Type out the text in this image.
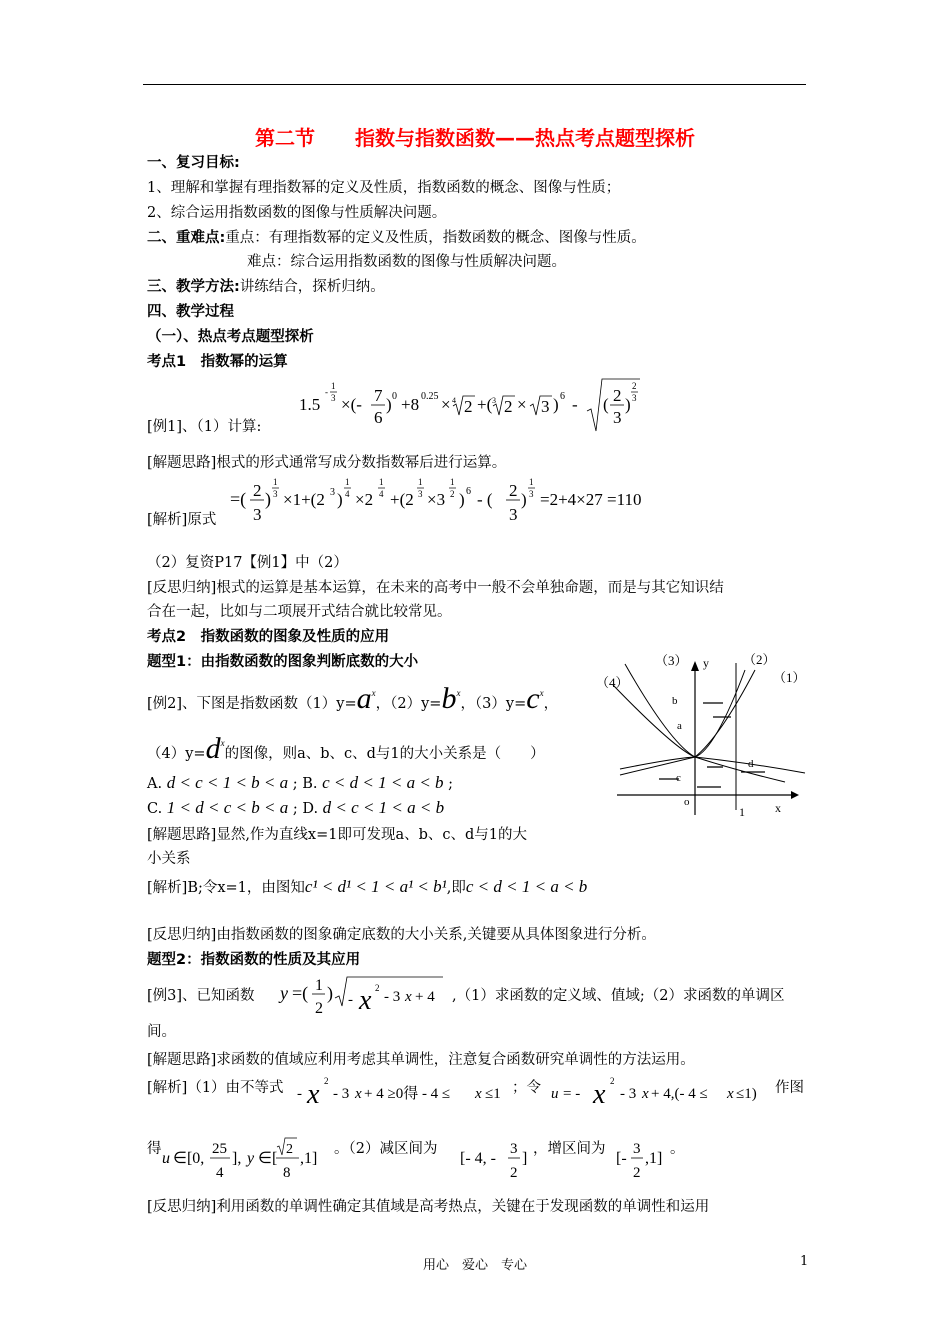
第二节 指数与指数函数——热点考点题型探析
一、复习目标:
1、理解和掌握有理指数幂的定义及性质，指数函数的概念、图像与性质；
2、综合运用指数函数的图像与性质解决问题。
二、重难点:重点：有理指数幂的定义及性质，指数函数的概念、图像与性质。
难点：综合运用指数函数的图像与性质解决问题。
三、教学方法:讲练结合，探析归纳。
四、教学过程
（一）、热点考点题型探析
考点1　指数幂的运算
1.5
-
1
3 ×(- 7
6
) 0 +8 0.25 × 4 2 +( 3 2 × 3 ) 6 - ( 2
3
)
2
3
[例1]、（1）计算:
[解题思路]根式的形式通常写成分数指数幂后进行运算。
=( 2
3
)
1
3 ×1+(2 3 )
1
4 ×2
1
4 +(2
1
3 ×3
1
2 ) 6 - ( 2
3
)
1
3 =2+4×27 =110
[解析]原式
（2）复资P17【例1】中（2）
[反思归纳]根式的运算是基本运算，在未来的高考中一般不会单独命题，而是与其它知识结
合在一起，比如与二项展开式结合就比较常见。
考点2　指数函数的图象及性质的应用
题型1：由指数函数的图象判断底数的大小
[例2]、下图是指数函数$(1)y=a^x$，$(2)y=b^x$，$(3)y=c^x$，
$(4)y=d^x$的图像，则a、b、c、d与1的大小关系是（　　）
A. d < c < 1 < b < a ; B. c < d < 1 < a < b ;
C. 1 < d < c < b < a ; D. d < c < 1 < a < b
[解题思路]显然,作为直线x=1即可发现a、b、c、d与1的大
小关系
[解析]B;令x=1，由图知c¹ < d¹ < 1 < a¹ < b¹,即c < d < 1 < a < b
[反思归纳]由指数函数的图象确定底数的大小关系,关键要从具体图象进行分析。
（3）	（2）
（4）	（1）
y
b
a
c
d
o
1	x
题型2：指数函数的性质及其应用
[例3]、已知函数 y =( 1
2
) - x 2
- 3 x + 4 ,（1）求函数的定义域、值域;（2）求函数的单调区
间。
[解题思路]求函数的值域应利用考虑其单调性，注意复合函数研究单调性的方法运用。
[解析]（1）由不等式 - x 2
- 3 x + 4 ≥0得 - 4 ≤ x ≤1 ；令 u = - x 2
- 3 x + 4,(- 4 ≤ x ≤1) 作图
得
u ∈[0,
25
4
], y ∈[
2
8
,1]
。（2）减区间为
[- 4, -
3
2
]
，增区间为
[-
3
2
,1]
。
[反思归纳]利用函数的单调性确定其值域是高考热点，关键在于发现函数的单调性和运用
用心　爱心　专心	1
